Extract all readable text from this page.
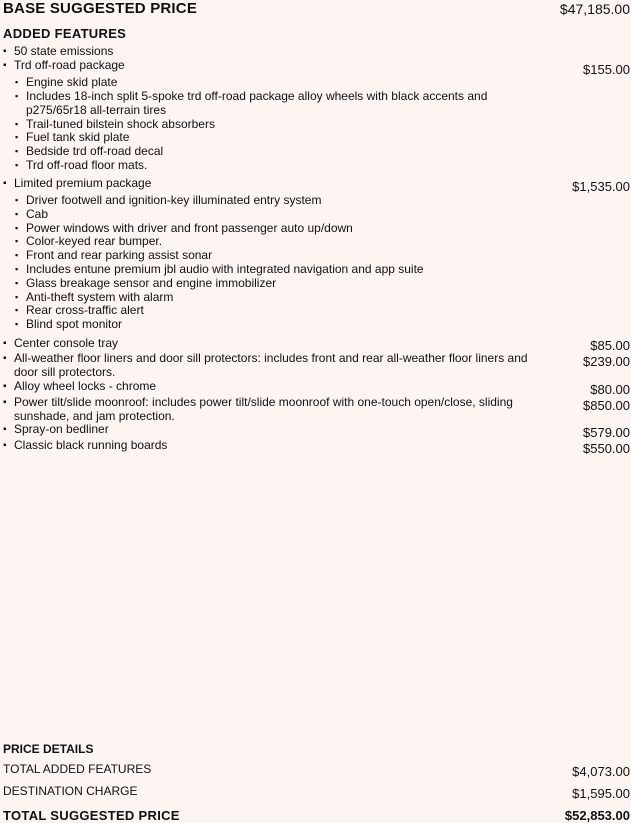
BASE SUGGESTED PRICE	$47,185.00
ADDED FEATURES
▪ 50 state emissions
▪ Trd off-road package	$155.00
▪ Engine skid plate
▪ Includes 18-inch split 5-spoke trd off-road package alloy wheels with black accents and p275/65r18 all-terrain tires
▪ Trail-tuned bilstein shock absorbers
▪ Fuel tank skid plate
▪ Bedside trd off-road decal
▪ Trd off-road floor mats.
▪ Limited premium package	$1,535.00
▪ Driver footwell and ignition-key illuminated entry system
▪ Cab
▪ Power windows with driver and front passenger auto up/down
▪ Color-keyed rear bumper.
▪ Front and rear parking assist sonar
▪ Includes entune premium jbl audio with integrated navigation and app suite
▪ Glass breakage sensor and engine immobilizer
▪ Anti-theft system with alarm
▪ Rear cross-traffic alert
▪ Blind spot monitor
▪ Center console tray	$85.00
▪ All-weather floor liners and door sill protectors: includes front and rear all-weather floor liners and door sill protectors.
$239.00
▪ Alloy wheel locks - chrome	$80.00
▪ Power tilt/slide moonroof: includes power tilt/slide moonroof with one-touch open/close, sliding sunshade, and jam protection.
$850.00
▪ Spray-on bedliner	$579.00
▪ Classic black running boards	$550.00
PRICE DETAILS
TOTAL ADDED FEATURES	$4,073.00
DESTINATION CHARGE	$1,595.00
TOTAL SUGGESTED PRICE	$52,853.00
